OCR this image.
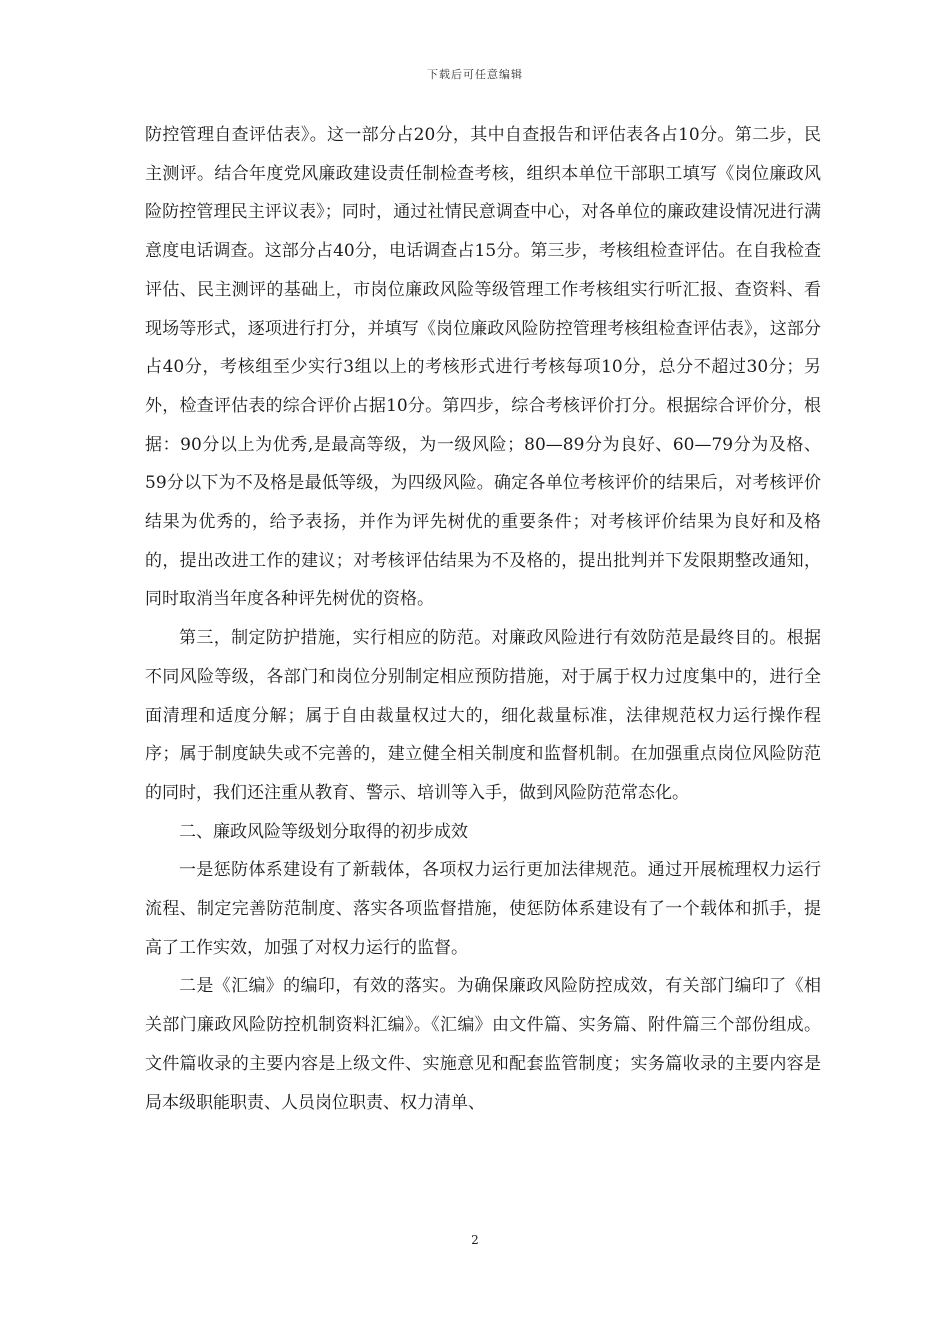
下载后可任意编辑

防控管理自查评估表》。这一部分占20分，其中自查报告和评估表各占10分。第二步，民主测评。结合年度党风廉政建设责任制检查考核，组织本单位干部职工填写《岗位廉政风险防控管理民主评议表》；同时，通过社情民意调查中心，对各单位的廉政建设情况进行满意度电话调查。这部分占40分，电话调查占15分。第三步，考核组检查评估。在自我检查评估、民主测评的基础上，市岗位廉政风险等级管理工作考核组实行听汇报、查资料、看现场等形式，逐项进行打分，并填写《岗位廉政风险防控管理考核组检查评估表》，这部分占40分，考核组至少实行3组以上的考核形式进行考核每项10分，总分不超过30分；另外，检查评估表的综合评价占据10分。第四步，综合考核评价打分。根据综合评价分，根据：90分以上为优秀,是最高等级，为一级风险；80—89分为良好、60—79分为及格、59分以下为不及格是最低等级，为四级风险。确定各单位考核评价的结果后，对考核评价结果为优秀的，给予表扬，并作为评先树优的重要条件；对考核评价结果为良好和及格的，提出改进工作的建议；对考核评估结果为不及格的，提出批判并下发限期整改通知，同时取消当年度各种评先树优的资格。

第三，制定防护措施，实行相应的防范。对廉政风险进行有效防范是最终目的。根据不同风险等级，各部门和岗位分别制定相应预防措施，对于属于权力过度集中的，进行全面清理和适度分解；属于自由裁量权过大的，细化裁量标准，法律规范权力运行操作程序；属于制度缺失或不完善的，建立健全相关制度和监督机制。在加强重点岗位风险防范的同时，我们还注重从教育、警示、培训等入手，做到风险防范常态化。

二、廉政风险等级划分取得的初步成效

一是惩防体系建设有了新载体，各项权力运行更加法律规范。通过开展梳理权力运行流程、制定完善防范制度、落实各项监督措施，使惩防体系建设有了一个载体和抓手，提高了工作实效，加强了对权力运行的监督。

二是《汇编》的编印，有效的落实。为确保廉政风险防控成效，有关部门编印了《相关部门廉政风险防控机制资料汇编》。《汇编》由文件篇、实务篇、附件篇三个部份组成。文件篇收录的主要内容是上级文件、实施意见和配套监管制度；实务篇收录的主要内容是局本级职能职责、人员岗位职责、权力清单、

2
